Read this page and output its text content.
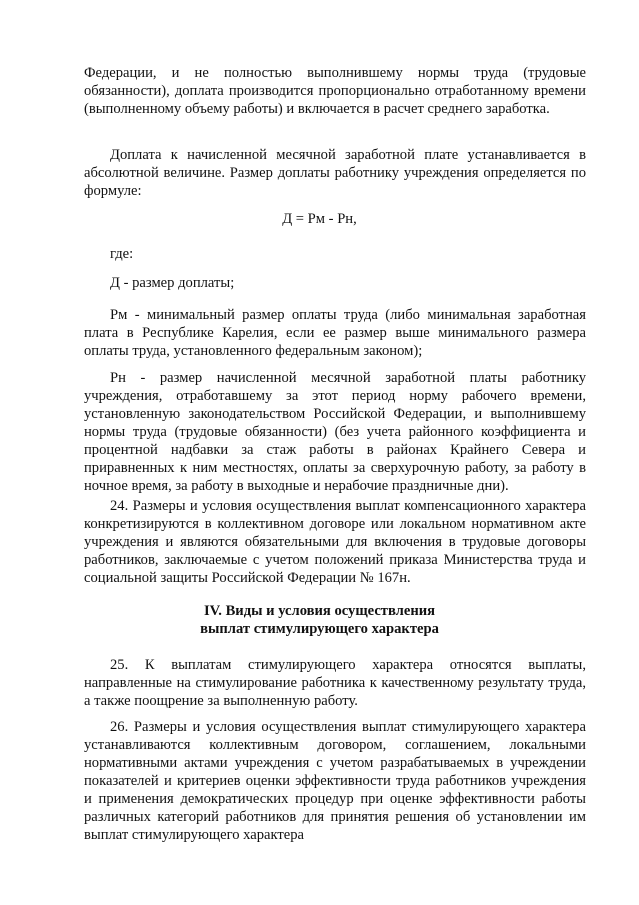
Федерации, и не полностью выполнившему нормы труда (трудовые обязанности), доплата производится пропорционально отработанному времени (выполненному объему работы) и включается в расчет среднего заработка.

Доплата к начисленной месячной заработной плате устанавливается в абсолютной величине. Размер доплаты работнику учреждения определяется по формуле:

Д = Рм - Рн,
где:
Д - размер доплаты;

Рм - минимальный размер оплаты труда (либо минимальная заработная плата в Республике Карелия, если ее размер выше минимального размера оплаты труда, установленного федеральным законом);

Рн - размер начисленной месячной заработной платы работнику учреждения, отработавшему за этот период норму рабочего времени, установленную законодательством Российской Федерации, и выполнившему нормы труда (трудовые обязанности) (без учета районного коэффициента и процентной надбавки за стаж работы в районах Крайнего Севера и приравненных к ним местностях, оплаты за сверхурочную работу, за работу в ночное время, за работу в выходные и нерабочие праздничные дни).

24. Размеры и условия осуществления выплат компенсационного характера конкретизируются в коллективном договоре или локальном нормативном акте учреждения и являются обязательными для включения в трудовые договоры работников, заключаемые с учетом положений приказа Министерства труда и социальной защиты Российской Федерации № 167н.

IV. Виды и условия осуществления
выплат стимулирующего характера

25. К выплатам стимулирующего характера относятся выплаты, направленные на стимулирование работника к качественному результату труда, а также поощрение за выполненную работу.

26. Размеры и условия осуществления выплат стимулирующего характера устанавливаются коллективным договором, соглашением, локальными нормативными актами учреждения с учетом разрабатываемых в учреждении показателей и критериев оценки эффективности труда работников учреждения и применения демократических процедур при оценке эффективности работы различных категорий работников для принятия решения об установлении им выплат стимулирующего характера
